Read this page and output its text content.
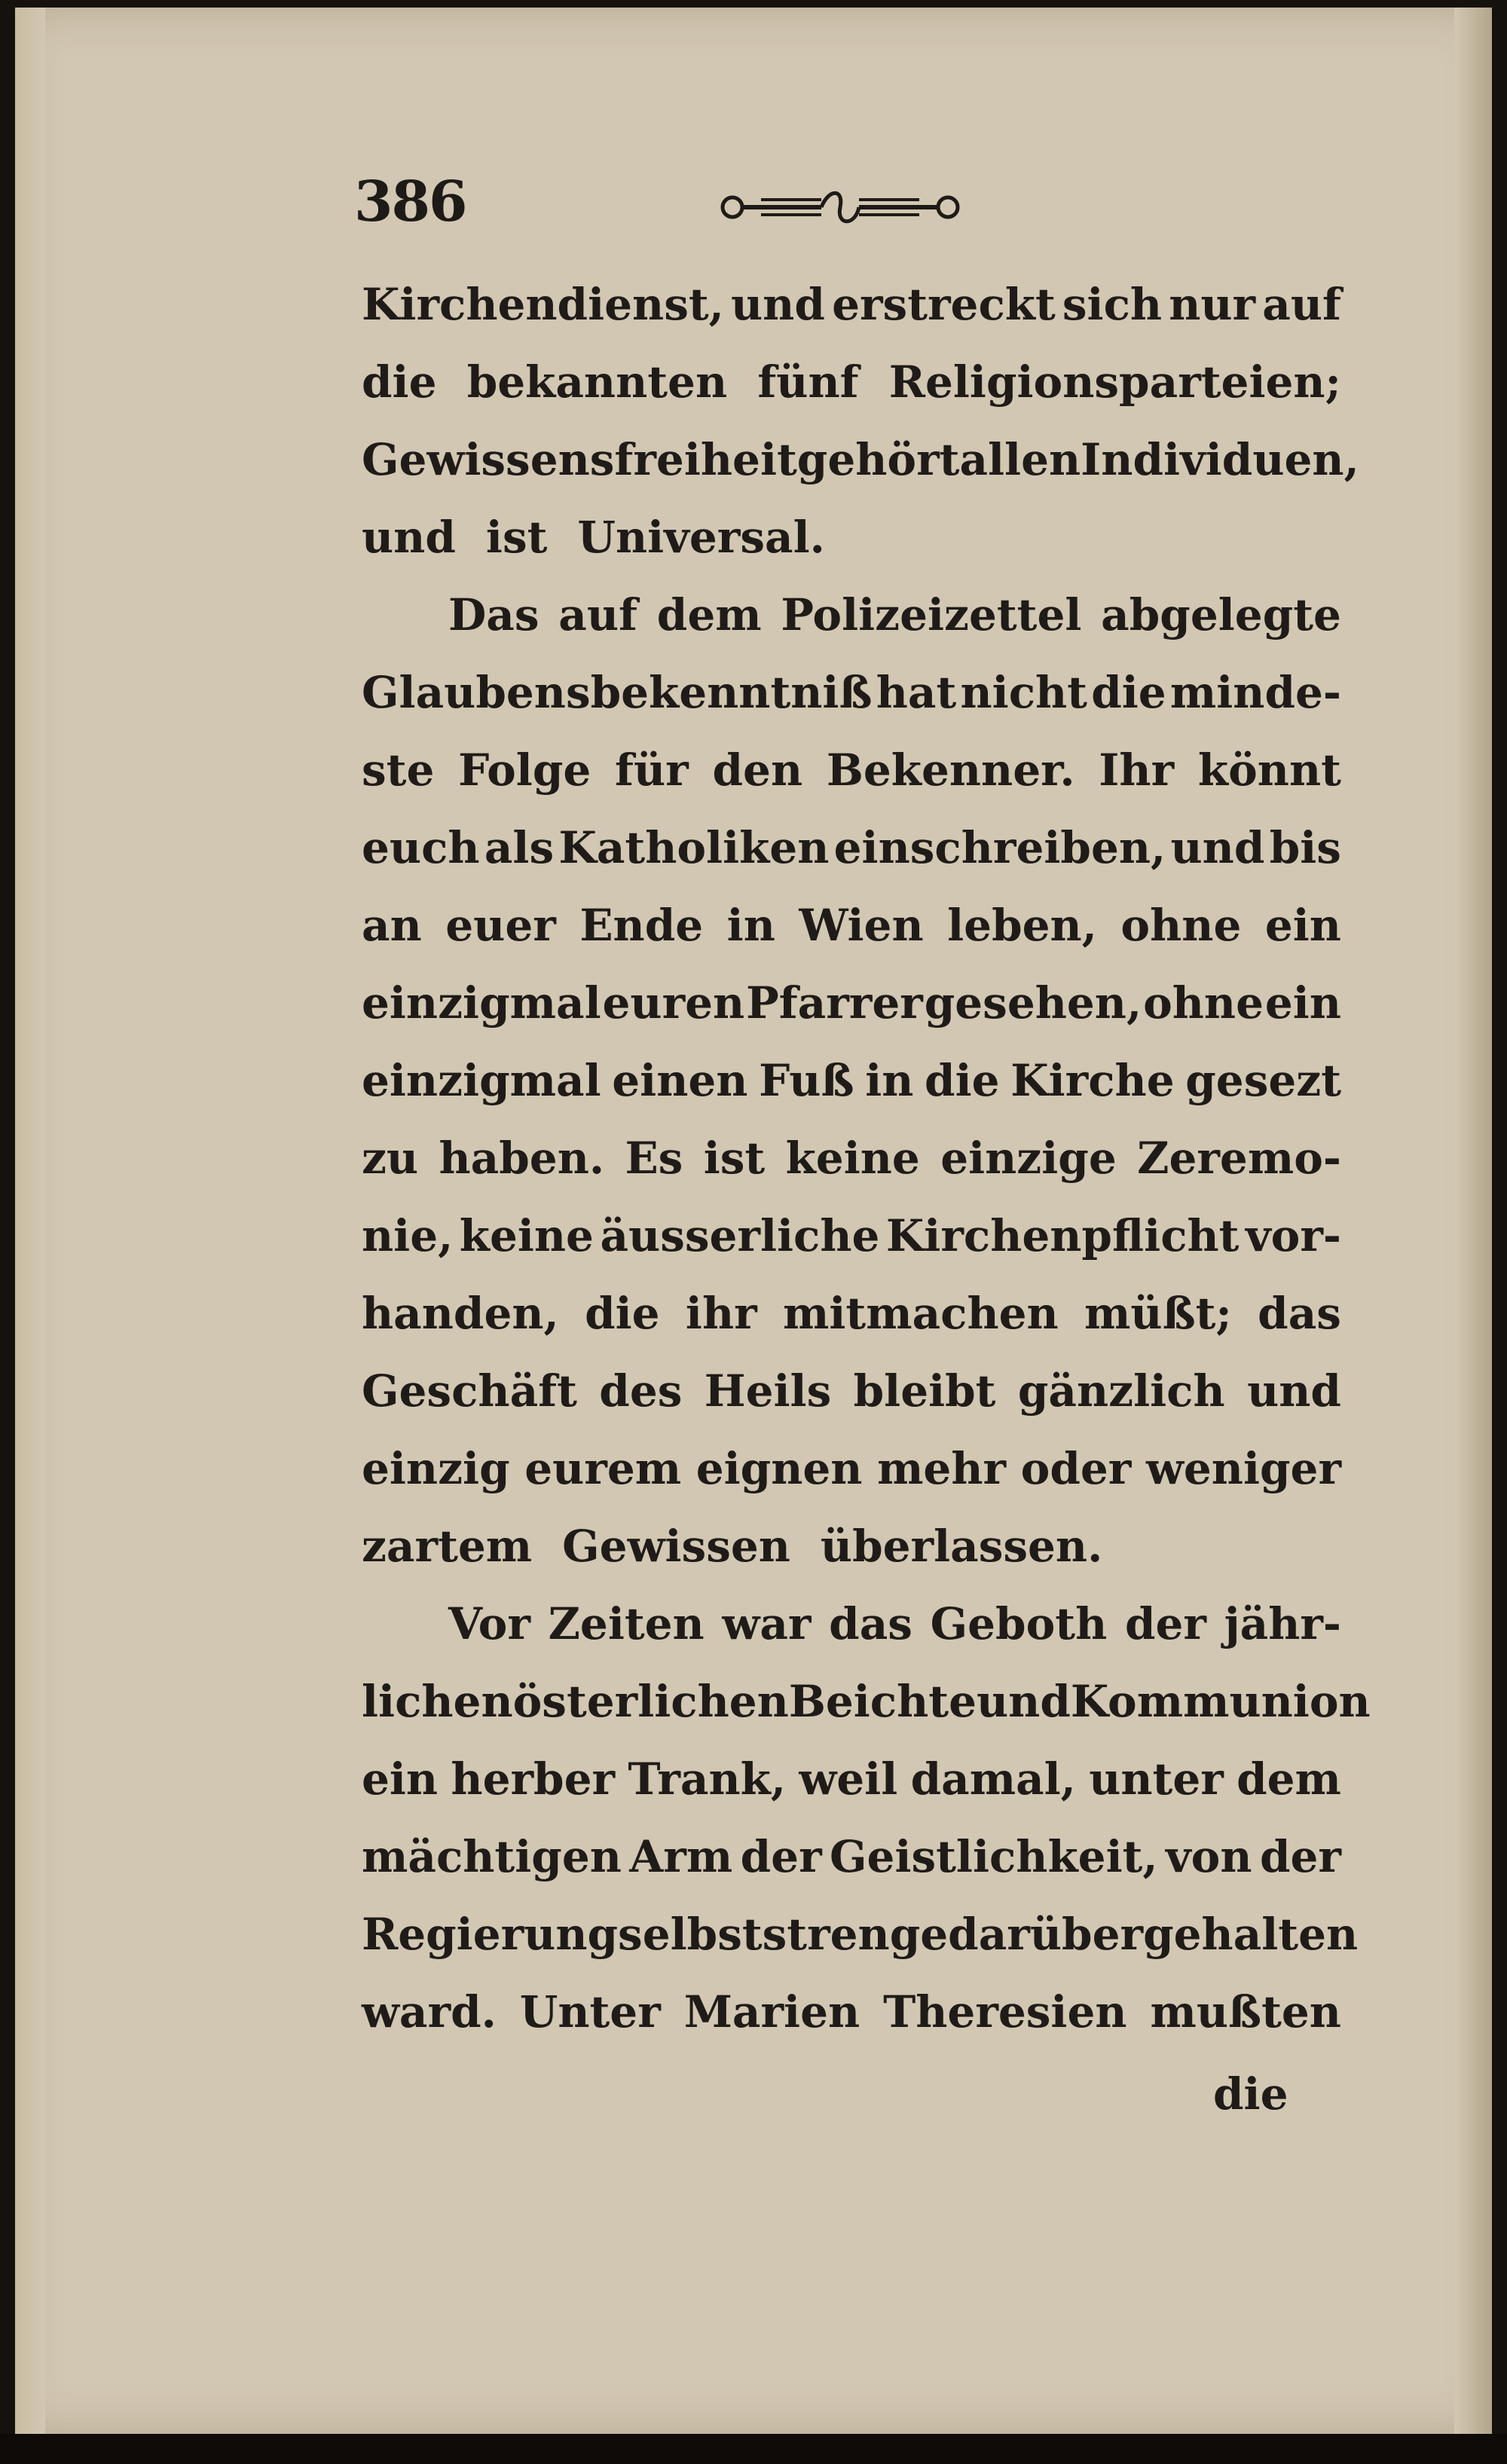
386
Kirchendienst, und erstreckt sich nur auf
die bekannten fünf Religionsparteien;
Gewissensfreiheit gehört allen Individuen,
und ist Universal.
Das auf dem Polizeizettel abgelegte
Glaubensbekenntniß hat nicht die minde-
ste Folge für den Bekenner. Ihr könnt
euch als Katholiken einschreiben, und bis
an euer Ende in Wien leben, ohne ein
einzigmal euren Pfarrer gesehen, ohne ein
einzigmal einen Fuß in die Kirche gesezt
zu haben. Es ist keine einzige Zeremo-
nie, keine äusserliche Kirchenpflicht vor-
handen, die ihr mitmachen müßt; das
Geschäft des Heils bleibt gänzlich und
einzig eurem eignen mehr oder weniger
zartem Gewissen überlassen.
Vor Zeiten war das Geboth der jähr-
lichen österlichen Beichte und Kommunion
ein herber Trank, weil damal, unter dem
mächtigen Arm der Geistlichkeit, von der
Regierung selbst strenge darüber gehalten
ward. Unter Marien Theresien mußten
die
